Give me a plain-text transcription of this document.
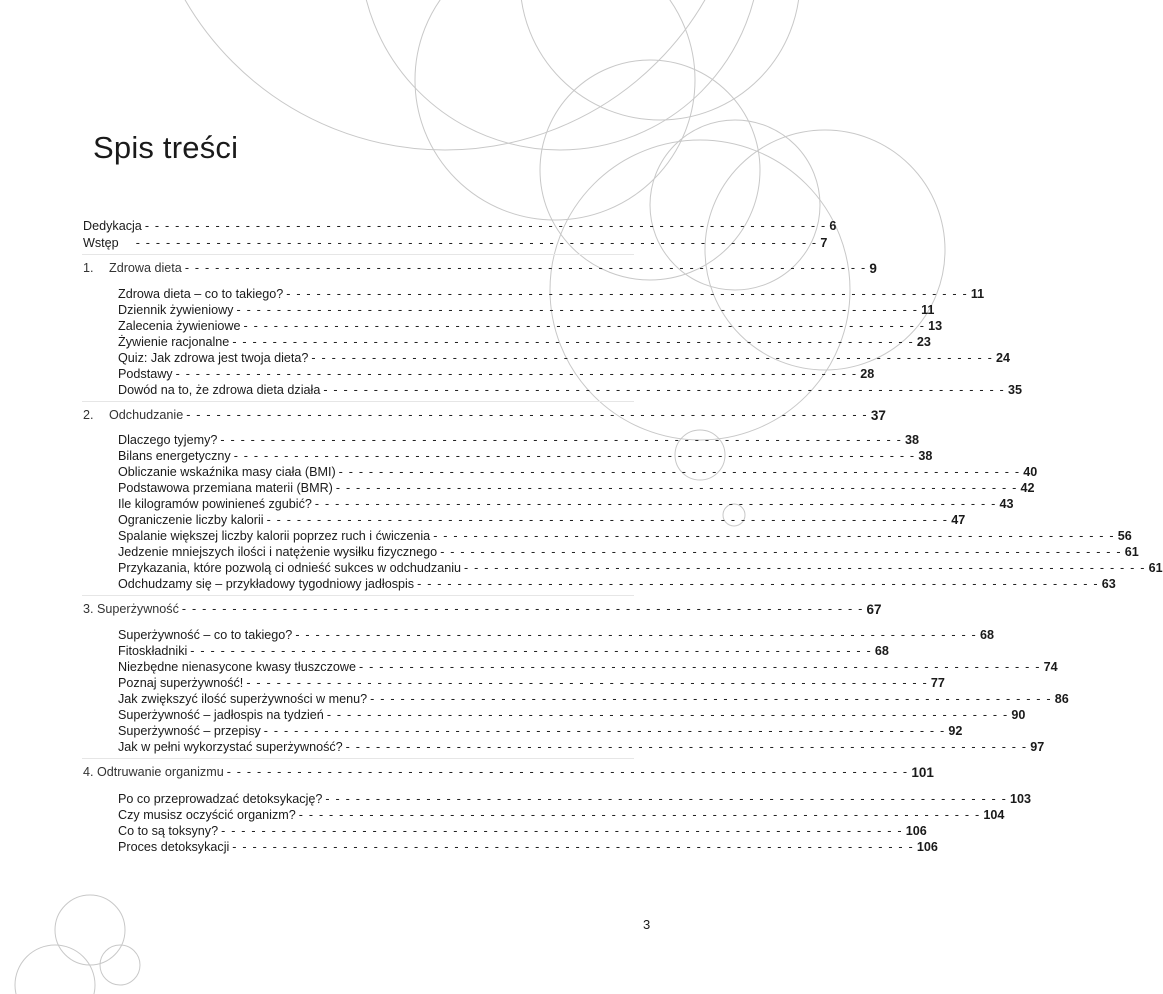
Spis treści
Dedykacja - - - - - - - - - - - - - - - - - - - - - - - - - - - - - - - - - - - - - - - - - - - - - - - - - - - - - - - - - - - - - - - - - - - - 6
Wstęp	- - - - - - - - - - - - - - - - - - - - - - - - - - - - - - - - - - - - - - - - - - - - - - - - - - - - - - - - - - - - - - - - - - - - 7
1. Zdrowa dieta - - - - - - - - - - - - - - - - - - - - - - - - - - - - - - - - - - - - - - - - - - - - - - - - - - - - - - - - - - - - - - - - - - - - 9
Zdrowa dieta – co to takiego? - - - - - - - - - - - - - - - - - - - - - - - - - - - - - - - - - - - - - - - - - - - - - - - - - - - - - - - - - - - - - - - - - - - - 11
Dziennik żywieniowy - - - - - - - - - - - - - - - - - - - - - - - - - - - - - - - - - - - - - - - - - - - - - - - - - - - - - - - - - - - - - - - - - - - - 11
Zalecenia żywieniowe - - - - - - - - - - - - - - - - - - - - - - - - - - - - - - - - - - - - - - - - - - - - - - - - - - - - - - - - - - - - - - - - - - - - 13
Żywienie racjonalne - - - - - - - - - - - - - - - - - - - - - - - - - - - - - - - - - - - - - - - - - - - - - - - - - - - - - - - - - - - - - - - - - - - - 23
Quiz: Jak zdrowa jest twoja dieta? - - - - - - - - - - - - - - - - - - - - - - - - - - - - - - - - - - - - - - - - - - - - - - - - - - - - - - - - - - - - - - - - - - - - 24
Podstawy - - - - - - - - - - - - - - - - - - - - - - - - - - - - - - - - - - - - - - - - - - - - - - - - - - - - - - - - - - - - - - - - - - - - 28
Dowód na to, że zdrowa dieta działa - - - - - - - - - - - - - - - - - - - - - - - - - - - - - - - - - - - - - - - - - - - - - - - - - - - - - - - - - - - - - - - - - - - - 35
2. Odchudzanie - - - - - - - - - - - - - - - - - - - - - - - - - - - - - - - - - - - - - - - - - - - - - - - - - - - - - - - - - - - - - - - - - - - - 37
Dlaczego tyjemy? - - - - - - - - - - - - - - - - - - - - - - - - - - - - - - - - - - - - - - - - - - - - - - - - - - - - - - - - - - - - - - - - - - - - 38
Bilans energetyczny - - - - - - - - - - - - - - - - - - - - - - - - - - - - - - - - - - - - - - - - - - - - - - - - - - - - - - - - - - - - - - - - - - - - 38
Obliczanie wskaźnika masy ciała (BMI) - - - - - - - - - - - - - - - - - - - - - - - - - - - - - - - - - - - - - - - - - - - - - - - - - - - - - - - - - - - - - - - - - - - - 40
Podstawowa przemiana materii (BMR) - - - - - - - - - - - - - - - - - - - - - - - - - - - - - - - - - - - - - - - - - - - - - - - - - - - - - - - - - - - - - - - - - - - - 42
Ile kilogramów powinieneś zgubić? - - - - - - - - - - - - - - - - - - - - - - - - - - - - - - - - - - - - - - - - - - - - - - - - - - - - - - - - - - - - - - - - - - - - 43
Ograniczenie liczby kalorii - - - - - - - - - - - - - - - - - - - - - - - - - - - - - - - - - - - - - - - - - - - - - - - - - - - - - - - - - - - - - - - - - - - - 47
Spalanie większej liczby kalorii poprzez ruch i ćwiczenia - - - - - - - - - - - - - - - - - - - - - - - - - - - - - - - - - - - - - - - - - - - - - - - - - - - - - - - - - - - - - - - - - - - - 56
Jedzenie mniejszych ilości i natężenie wysiłku fizycznego - - - - - - - - - - - - - - - - - - - - - - - - - - - - - - - - - - - - - - - - - - - - - - - - - - - - - - - - - - - - - - - - - - - - 61
Przykazania, które pozwolą ci odnieść sukces w odchudzaniu - - - - - - - - - - - - - - - - - - - - - - - - - - - - - - - - - - - - - - - - - - - - - - - - - - - - - - - - - - - - - - - - - - - - 61
Odchudzamy się – przykładowy tygodniowy jadłospis - - - - - - - - - - - - - - - - - - - - - - - - - - - - - - - - - - - - - - - - - - - - - - - - - - - - - - - - - - - - - - - - - - - - 63
3. Superżywność - - - - - - - - - - - - - - - - - - - - - - - - - - - - - - - - - - - - - - - - - - - - - - - - - - - - - - - - - - - - - - - - - - - - 67
Superżywność – co to takiego? - - - - - - - - - - - - - - - - - - - - - - - - - - - - - - - - - - - - - - - - - - - - - - - - - - - - - - - - - - - - - - - - - - - - 68
Fitoskładniki - - - - - - - - - - - - - - - - - - - - - - - - - - - - - - - - - - - - - - - - - - - - - - - - - - - - - - - - - - - - - - - - - - - - 68
Niezbędne nienasycone kwasy tłuszczowe - - - - - - - - - - - - - - - - - - - - - - - - - - - - - - - - - - - - - - - - - - - - - - - - - - - - - - - - - - - - - - - - - - - - 74
Poznaj superżywność! - - - - - - - - - - - - - - - - - - - - - - - - - - - - - - - - - - - - - - - - - - - - - - - - - - - - - - - - - - - - - - - - - - - - 77
Jak zwiększyć ilość superżywności w menu? - - - - - - - - - - - - - - - - - - - - - - - - - - - - - - - - - - - - - - - - - - - - - - - - - - - - - - - - - - - - - - - - - - - - 86
Superżywność – jadłospis na tydzień - - - - - - - - - - - - - - - - - - - - - - - - - - - - - - - - - - - - - - - - - - - - - - - - - - - - - - - - - - - - - - - - - - - - 90
Superżywność – przepisy - - - - - - - - - - - - - - - - - - - - - - - - - - - - - - - - - - - - - - - - - - - - - - - - - - - - - - - - - - - - - - - - - - - - 92
Jak w pełni wykorzystać superżywność? - - - - - - - - - - - - - - - - - - - - - - - - - - - - - - - - - - - - - - - - - - - - - - - - - - - - - - - - - - - - - - - - - - - - 97
4. Odtruwanie organizmu - - - - - - - - - - - - - - - - - - - - - - - - - - - - - - - - - - - - - - - - - - - - - - - - - - - - - - - - - - - - - - - - - - - - 101
Po co przeprowadzać detoksykację? - - - - - - - - - - - - - - - - - - - - - - - - - - - - - - - - - - - - - - - - - - - - - - - - - - - - - - - - - - - - - - - - - - - - 103
Czy musisz oczyścić organizm? - - - - - - - - - - - - - - - - - - - - - - - - - - - - - - - - - - - - - - - - - - - - - - - - - - - - - - - - - - - - - - - - - - - - 104
Co to są toksyny? - - - - - - - - - - - - - - - - - - - - - - - - - - - - - - - - - - - - - - - - - - - - - - - - - - - - - - - - - - - - - - - - - - - - 106
Proces detoksykacji - - - - - - - - - - - - - - - - - - - - - - - - - - - - - - - - - - - - - - - - - - - - - - - - - - - - - - - - - - - - - - - - - - - - 106
3
